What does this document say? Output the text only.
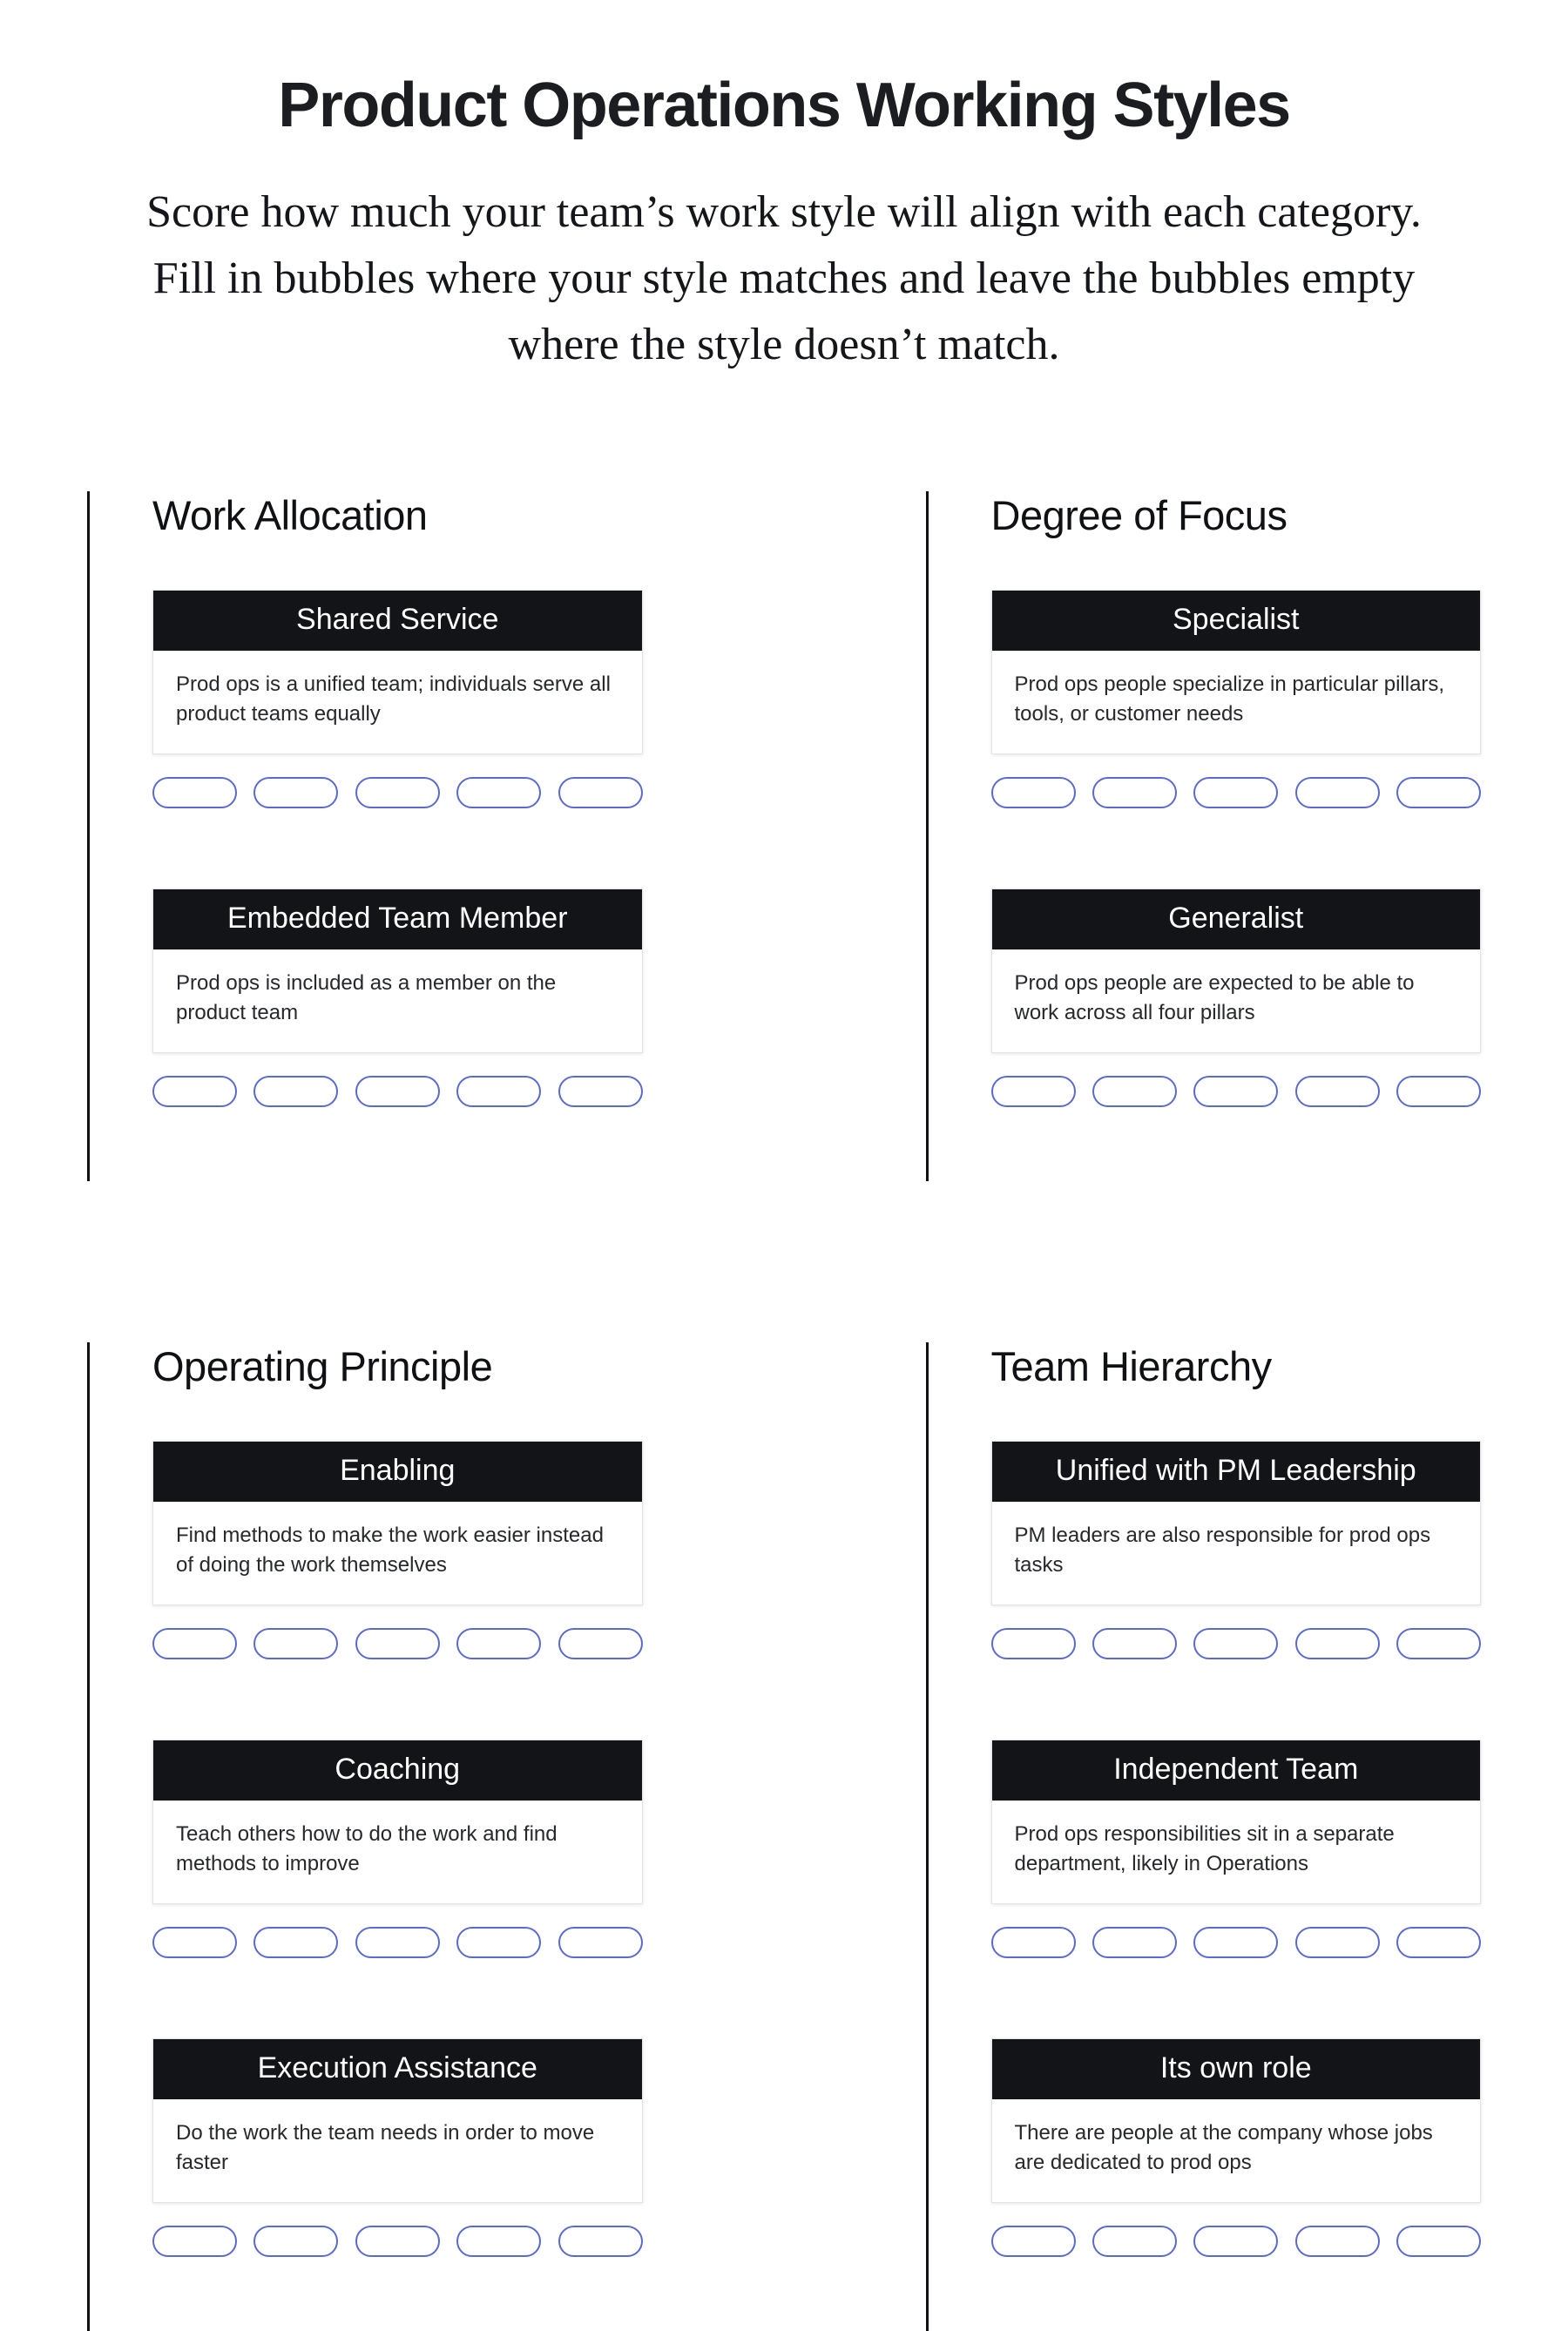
Product Operations Working Styles

Score how much your team’s work style will align with each category. Fill in bubbles where your style matches and leave the bubbles empty where the style doesn’t match.

Work Allocation
Shared Service
Prod ops is a unified team; individuals serve all product teams equally
Embedded Team Member
Prod ops is included as a member on the product team
Degree of Focus
Specialist
Prod ops people specialize in particular pillars, tools, or customer needs
Generalist
Prod ops people are expected to be able to work across all four pillars
Operating Principle
Enabling
Find methods to make the work easier instead of doing the work themselves
Coaching
Teach others how to do the work and find methods to improve
Execution Assistance
Do the work the team needs in order to move faster
Team Hierarchy
Unified with PM Leadership
PM leaders are also responsible for prod ops tasks
Independent Team
Prod ops responsibilities sit in a separate department, likely in Operations
Its own role
There are people at the company whose jobs are dedicated to prod ops
